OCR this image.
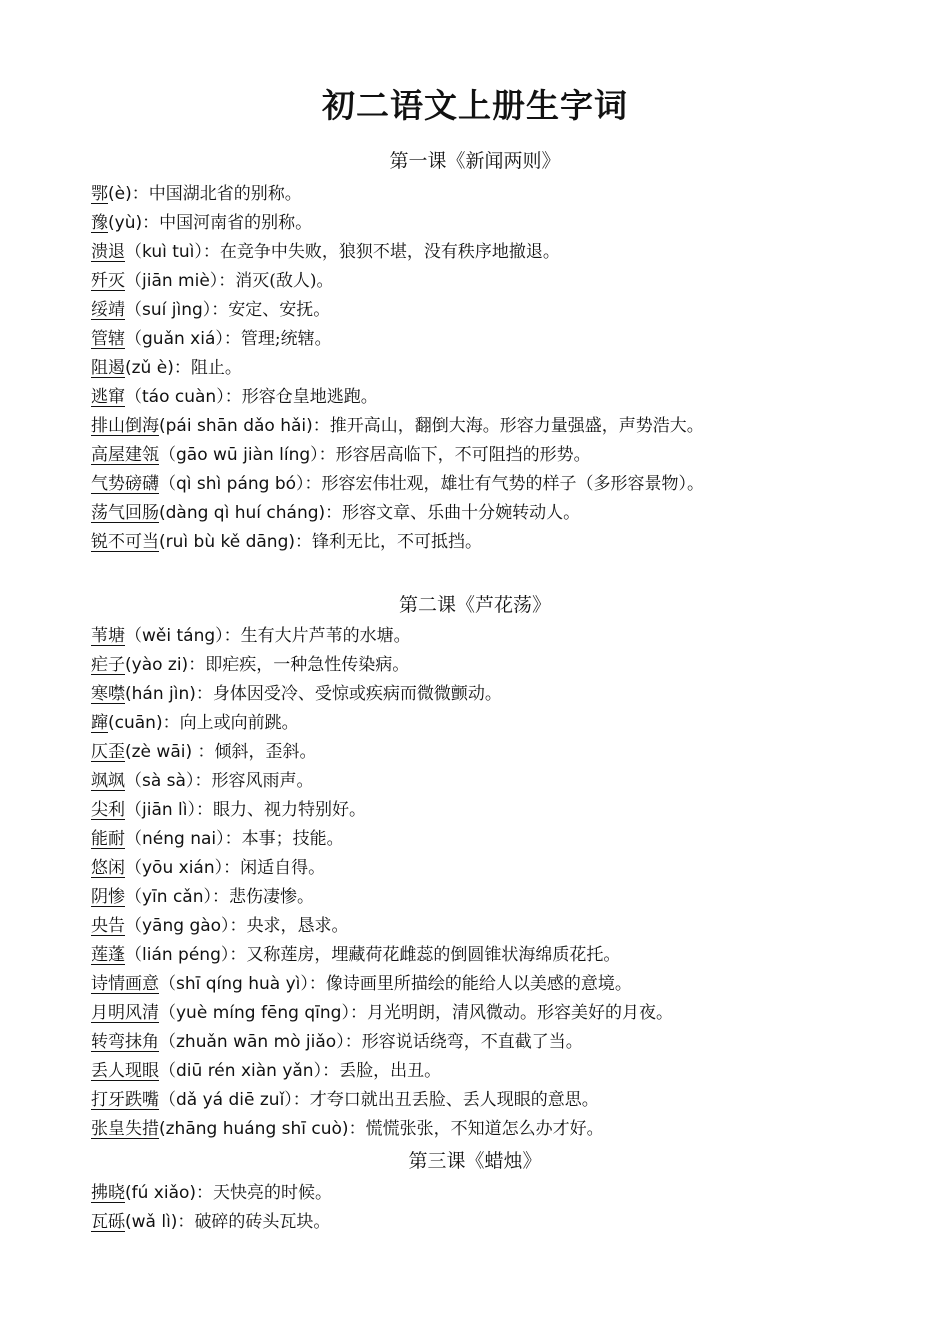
初二语文上册生字词
第一课《新闻两则》
鄂(è)：中国湖北省的别称。
豫(yù)：中国河南省的别称。
溃退（kuì tuì）：在竞争中失败，狼狈不堪，没有秩序地撤退。
歼灭（jiān miè）：消灭(敌人)。
绥靖（suí jìng）：安定、安抚。
管辖（guǎn xiá）：管理;统辖。
阻遏(zǔ è)：阻止。
逃窜（táo cuàn）：形容仓皇地逃跑。
排山倒海(pái shān dǎo hǎi)：推开高山，翻倒大海。形容力量强盛，声势浩大。
高屋建瓴（gāo wū jiàn líng）：形容居高临下，不可阻挡的形势。
气势磅礴（qì shì páng bó）：形容宏伟壮观，雄壮有气势的样子（多形容景物）。
荡气回肠(dàng qì huí cháng)：形容文章、乐曲十分婉转动人。
锐不可当(ruì bù kě dāng)：锋利无比，不可抵挡。
第二课《芦花荡》
苇塘（wěi táng）：生有大片芦苇的水塘。
疟子(yào zi)：即疟疾，一种急性传染病。
寒噤(hán jìn)：身体因受冷、受惊或疾病而微微颤动。
蹿(cuān)：向上或向前跳。
仄歪(zè wāi) ：倾斜，歪斜。
飒飒（sà sà）：形容风雨声。
尖利（jiān lì）：眼力、视力特别好。
能耐（néng nai）：本事；技能。
悠闲（yōu xián）：闲适自得。
阴惨（yīn cǎn）：悲伤凄惨。
央告（yāng gào）：央求，恳求。
莲蓬（lián péng）：又称莲房，埋藏荷花雌蕊的倒圆锥状海绵质花托。
诗情画意（shī qíng huà yì）：像诗画里所描绘的能给人以美感的意境。
月明风清（yuè míng fēng qīng）：月光明朗，清风微动。形容美好的月夜。
转弯抹角（zhuǎn wān mò jiǎo）：形容说话绕弯，不直截了当。
丢人现眼（diū rén xiàn yǎn）：丢脸，出丑。
打牙跌嘴（dǎ yá diē zuǐ）：才夸口就出丑丢脸、丢人现眼的意思。
张皇失措(zhāng huáng shī cuò)：慌慌张张，不知道怎么办才好。
第三课《蜡烛》
拂晓(fú xiǎo)：天快亮的时候。
瓦砾(wǎ lì)：破碎的砖头瓦块。
